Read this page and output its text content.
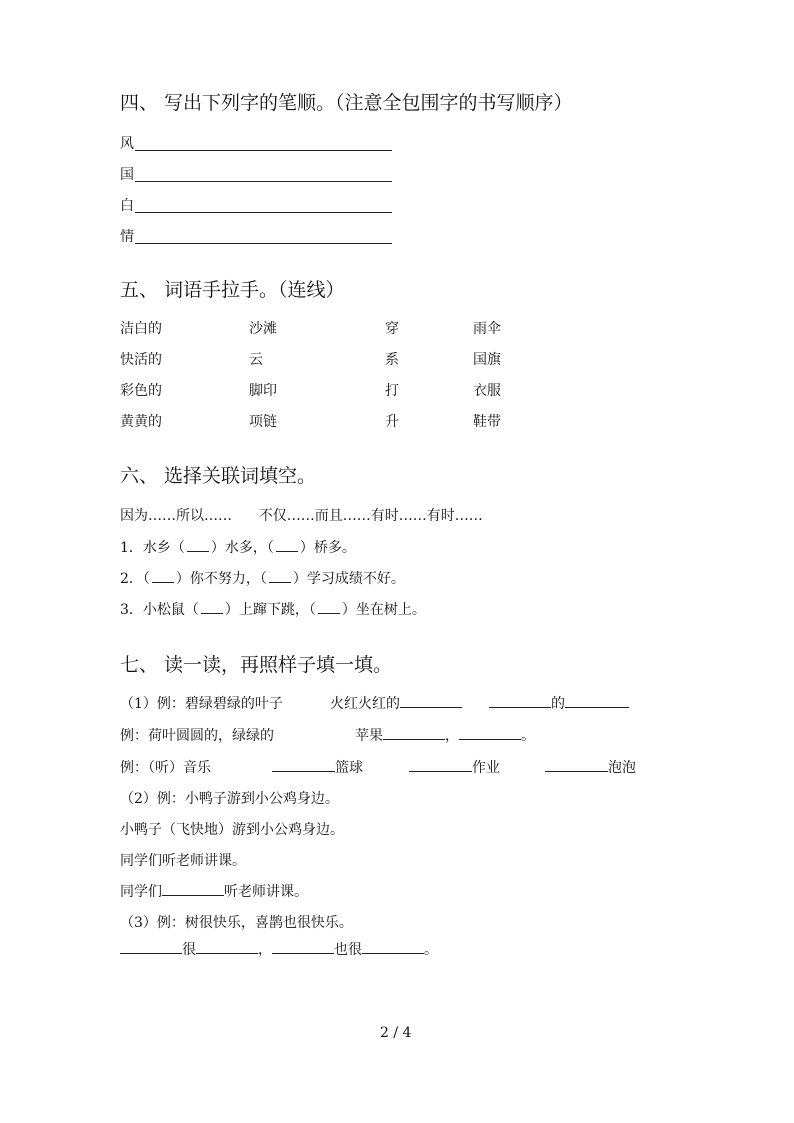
四、 写出下列字的笔顺。（注意全包围字的书写顺序）
风
国
白
情
五、 词语手拉手。（连线）
洁白的	沙滩	穿	雨伞
快活的	云	系	国旗
彩色的	脚印	打	衣服
黄黄的	项链	升	鞋带
六、 选择关联词填空。
因为……所以……      不仅……而且……有时……有时……
1．水乡（ ）水多，（ ）桥多。
2．（ ）你不努力，（ ）学习成绩不好。
3．小松鼠（ ）上蹿下跳，（ ）坐在树上。
七、 读一读，再照样子填一填。
（1）例：碧绿碧绿的叶子	火红火红的	的
例：荷叶圆圆的，绿绿的	苹果	，	。
例：（听）音乐	篮球	作业	泡泡
（2）例：小鸭子游到小公鸡身边。
小鸭子（飞快地）游到小公鸡身边。
同学们听老师讲课。
同学们	听老师讲课。
（3）例：树很快乐，喜鹊也很快乐。
很	，	也很	。
2 / 4
